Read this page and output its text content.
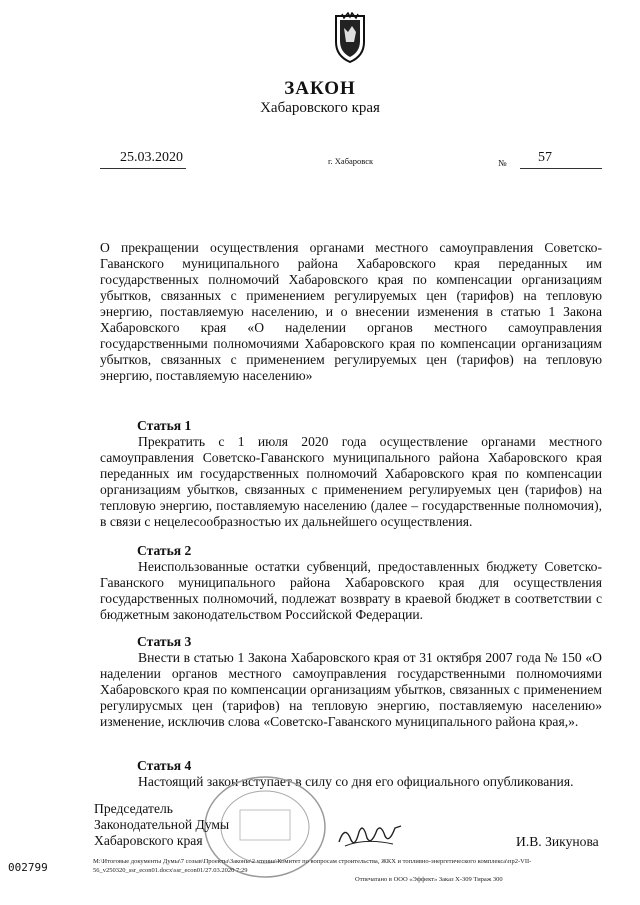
ЗАКОН
Хабаровского края
25.03.2020	г. Хабаровск	№ 57
О прекращении осуществления органами местного самоуправления Советско-Гаванского муниципального района Хабаровского края переданных им государственных полномочий Хабаровского края по компенсации организациям убытков, связанных с применением регулируемых цен (тарифов) на тепловую энергию, поставляемую населению, и о внесении изменения в статью 1 Закона Хабаровского края «О наделении органов местного самоуправления государственными полномочиями Хабаровского края по компенсации организациям убытков, связанных с применением регулируемых цен (тарифов) на тепловую энергию, поставляемую населению»
Статья 1
Прекратить с 1 июля 2020 года осуществление органами местного самоуправления Советско-Гаванского муниципального района Хабаровского края переданных им государственных полномочий Хабаровского края по компенсации организациям убытков, связанных с применением регулируемых цен (тарифов) на тепловую энергию, поставляемую населению (далее – государственные полномочия), в связи с нецелесообразностью их дальнейшего осуществления.
Статья 2
Неиспользованные остатки субвенций, предоставленных бюджету Советско-Гаванского муниципального района Хабаровского края для осуществления государственных полномочий, подлежат возврату в краевой бюджет в соответствии с бюджетным законодательством Российской Федерации.
Статья 3
Внести в статью 1 Закона Хабаровского края от 31 октября 2007 года № 150 «О наделении органов местного самоуправления государственными полномочиями Хабаровского края по компенсации организациям убытков, связанных с применением регулирусмых цен (тарифов) на тепловую энергию, поставляемую населению» изменение, исключив слова «Советско-Гаванского муниципального района края,».
Статья 4
Настоящий закон вступает в силу со дня его официального опубликования.
Председатель
Законодательной Думы
Хабаровского края	И.В. Зикунова
002799	M:\Итоговые документы Думы\7 созыв\Проекты\Законы\2 чтение\Комитет по вопросам строительства, ЖКХ и топливно-энергетического комплекса\пр2-VII-56_v250320_ssr_econ01.docx\ssr_econ01/27.03.2020 7:29
Отпечатано в ООО «Эффект» Заказ Х-309 Тираж 300
